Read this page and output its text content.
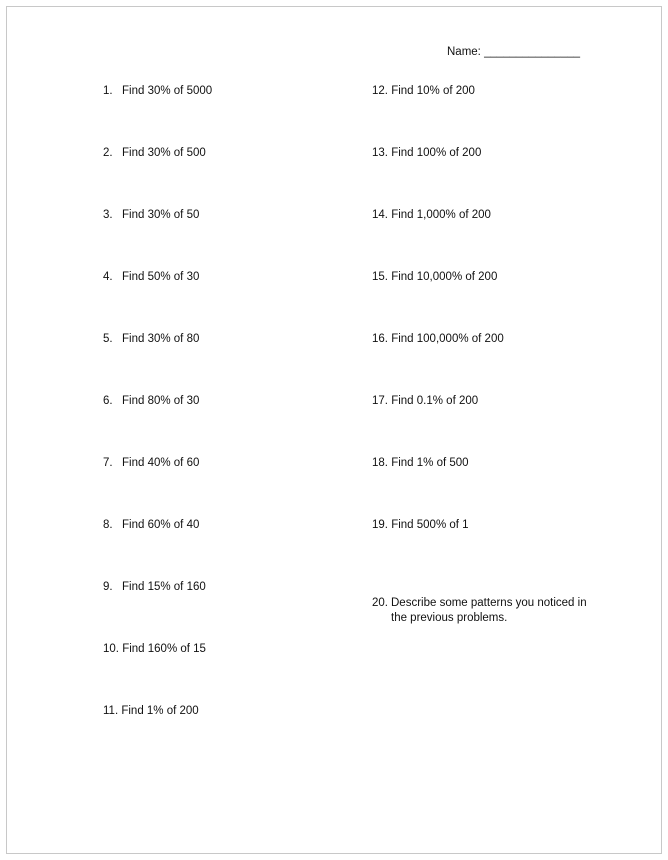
Name: _______________
1. Find 30% of 5000
2. Find 30% of 500
3. Find 30% of 50
4. Find 50% of 30
5. Find 30% of 80
6. Find 80% of 30
7. Find 40% of 60
8. Find 60% of 40
9. Find 15% of 160
10. Find 160% of 15
11. Find 1% of 200
12. Find 10% of 200
13. Find 100% of 200
14. Find 1,000% of 200
15. Find 10,000% of 200
16. Find 100,000% of 200
17. Find 0.1% of 200
18. Find 1% of 500
19. Find 500% of 1
20. Describe some patterns you noticed in the previous problems.
